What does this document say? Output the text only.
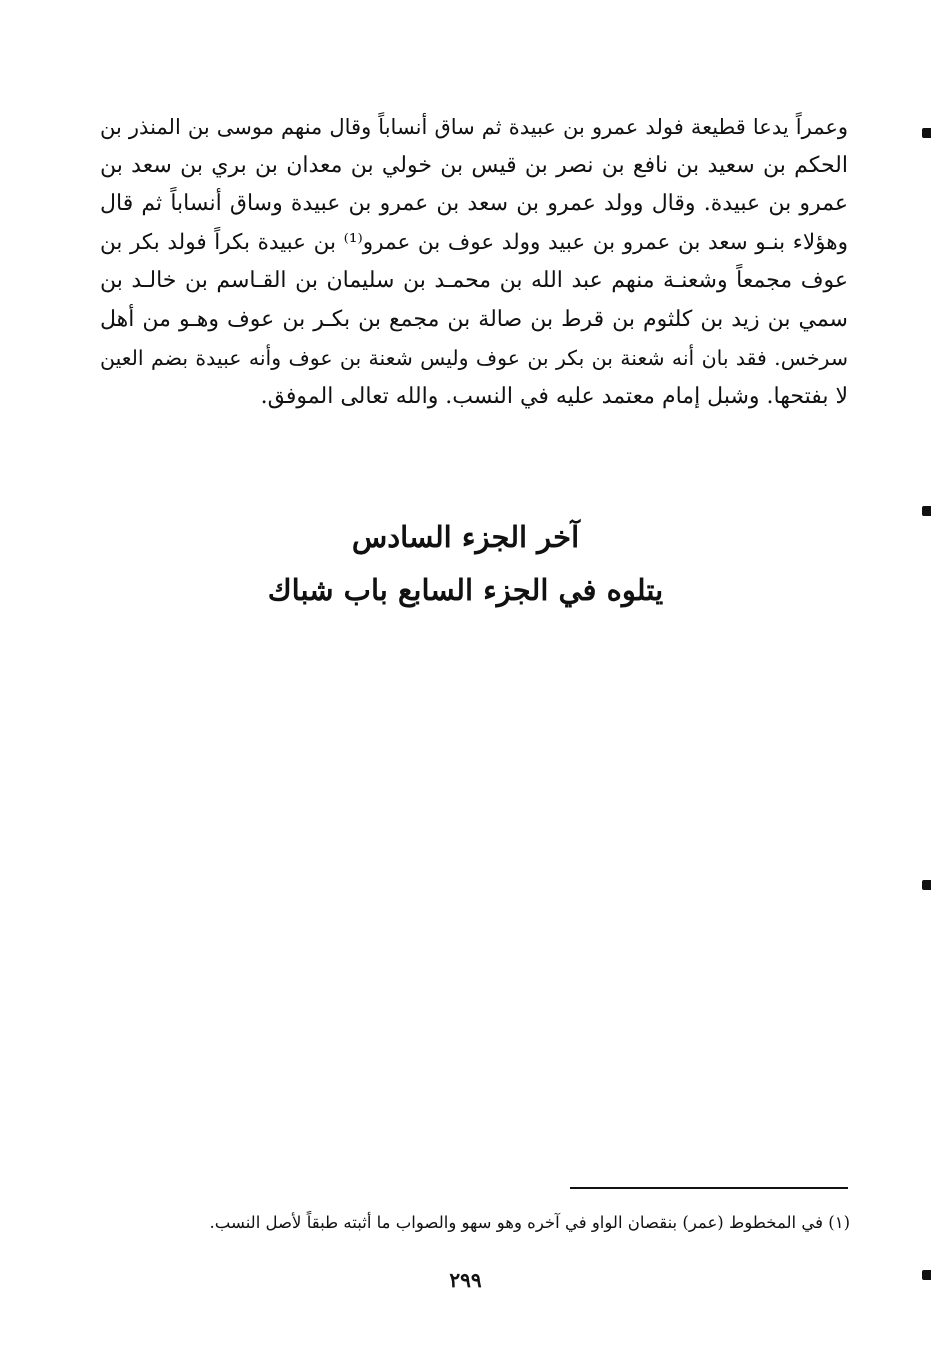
وعمراً يدعا قطيعة فولد عمرو بن عبيدة ثم ساق أنساباً وقال منهم موسى بن المنذر بن
الحكم بن سعيد بن نافع بن نصر بن قيس بن خولي بن معدان بن بري بن سعد بن
عمرو بن عبيدة. وقال وولد عمرو بن سعد بن عمرو بن عبيدة وساق أنساباً ثم قال
وهؤلاء بنـو سعد بن عمرو بن عبيد وولد عوف بن عمرو⁽¹⁾ بن عبيدة بكراً فولد بكر بن
عوف مجمعاً وشعنـة منهم عبد الله بن محمـد بن سليمان بن القـاسم بن خالـد بن
سمي بن زيد بن كلثوم بن قرط بن صالة بن مجمع بن بكـر بن عوف وهـو من أهل
سرخس. فقد بان أنه شعنة بن بكر بن عوف وليس شعنة بن عوف وأنه عبيدة بضم العين
لا بفتحها. وشبل إمام معتمد عليه في النسب. والله تعالى الموفق.
آخر الجزء السادس
يتلوه في الجزء السابع باب شباك
(١) في المخطوط (عمر) بنقصان الواو في آخره وهو سهو والصواب ما أثبته طبقاً لأصل النسب.
٢٩٩
